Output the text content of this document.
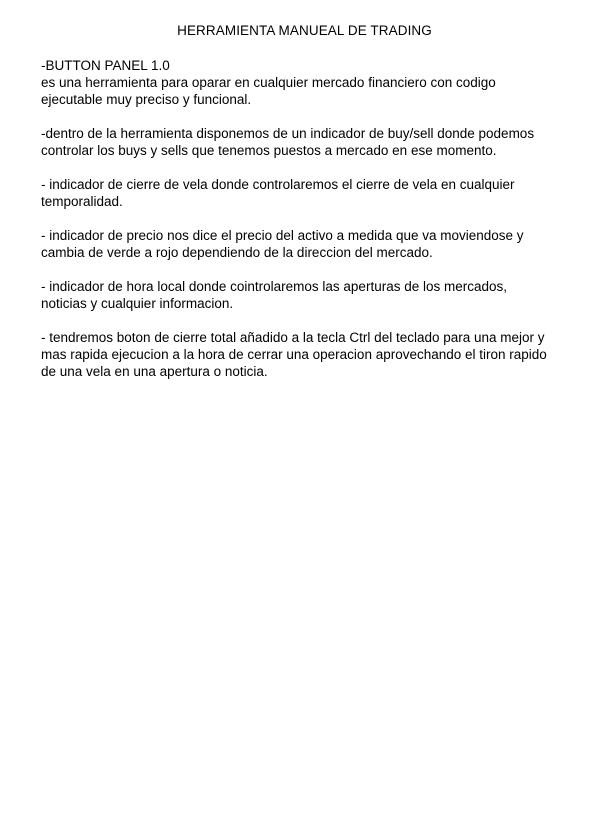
HERRAMIENTA MANUEAL DE TRADING

-BUTTON PANEL 1.0

es una herramienta para oparar en cualquier mercado financiero con codigo
ejecutable muy preciso y funcional.

-dentro de la herramienta disponemos de un indicador de buy/sell donde podemos
controlar los buys y sells que tenemos puestos a mercado en ese momento.

- indicador de cierre de vela donde controlaremos el cierre de vela en cualquier
temporalidad.

- indicador de precio nos dice el precio del activo a medida que va moviendose y
cambia de verde a rojo dependiendo de la direccion del mercado.

- indicador de hora local donde cointrolaremos las aperturas de los mercados,
noticias y cualquier informacion.

- tendremos boton de cierre total añadido a la tecla Ctrl del teclado para una mejor y
mas rapida ejecucion a la hora de cerrar una operacion aprovechando el tiron rapido
de una vela en una apertura o noticia.
